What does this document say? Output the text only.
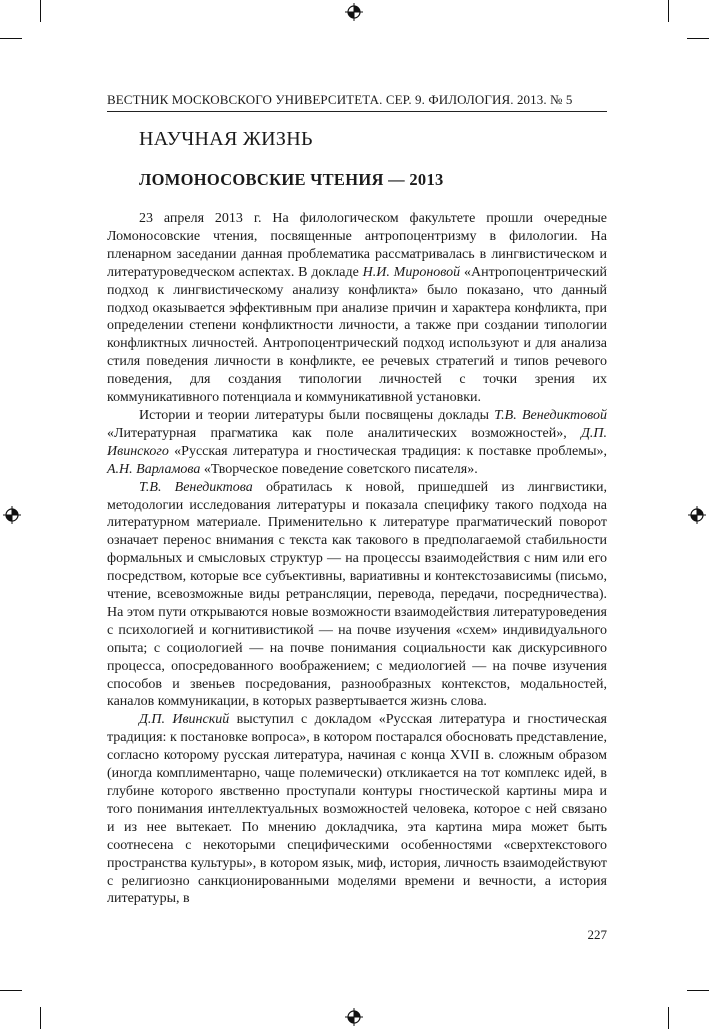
ВЕСТНИК МОСКОВСКОГО УНИВЕРСИТЕТА. СЕР. 9. ФИЛОЛОГИЯ. 2013. № 5
НАУЧНАЯ ЖИЗНЬ
ЛОМОНОСОВСКИЕ ЧТЕНИЯ — 2013

23 апреля 2013 г. На филологическом факультете прошли очередные Ломоносовские чтения, посвященные антропоцентризму в филологии. На пленарном заседании данная проблематика рассматривалась в лингвистическом и литературоведческом аспектах. В докладе Н.И. Мироновой «Антропоцентрический подход к лингвистическому анализу конфликта» было показано, что данный подход оказывается эффективным при анализе причин и характера конфликта, при определении степени конфликтности личности, а также при создании типологии конфликтных личностей. Антропоцентрический подход используют и для анализа стиля поведения личности в конфликте, ее речевых стратегий и типов речевого поведения, для создания типологии личностей с точки зрения их коммуникативного потенциала и коммуникативной установки.

Истории и теории литературы были посвящены доклады Т.В. Венедиктовой «Литературная прагматика как поле аналитических возможностей», Д.П. Ивинского «Русская литература и гностическая традиция: к поставке проблемы», А.Н. Варламова «Творческое поведение советского писателя».

Т.В. Венедиктова обратилась к новой, пришедшей из лингвистики, методологии исследования литературы и показала специфику такого подхода на литературном материале. Применительно к литературе прагматический поворот означает перенос внимания с текста как такового в предполагаемой стабильности формальных и смысловых структур — на процессы взаимодействия с ним или его посредством, которые все субъективны, вариативны и контекстозависимы (письмо, чтение, всевозможные виды ретрансляции, перевода, передачи, посредничества). На этом пути открываются новые возможности взаимодействия литературоведения с психологией и когнитивистикой — на почве изучения «схем» индивидуального опыта; с социологией — на почве понимания социальности как дискурсивного процесса, опосредованного воображением; с медиологией — на почве изучения способов и звеньев посредования, разнообразных контекстов, модальностей, каналов коммуникации, в которых развертывается жизнь слова.

Д.П. Ивинский выступил с докладом «Русская литература и гностическая традиция: к постановке вопроса», в котором постарался обосновать представление, согласно которому русская литература, начиная с конца XVII в. сложным образом (иногда комплиментарно, чаще полемически) откликается на тот комплекс идей, в глубине которого явственно проступали контуры гностической картины мира и того понимания интеллектуальных возможностей человека, которое с ней связано и из нее вытекает. По мнению докладчика, эта картина мира может быть соотнесена с некоторыми специфическими особенностями «сверхтекстового пространства культуры», в котором язык, миф, история, личность взаимодействуют с религиозно санкционированными моделями времени и вечности, а история литературы, в

227
